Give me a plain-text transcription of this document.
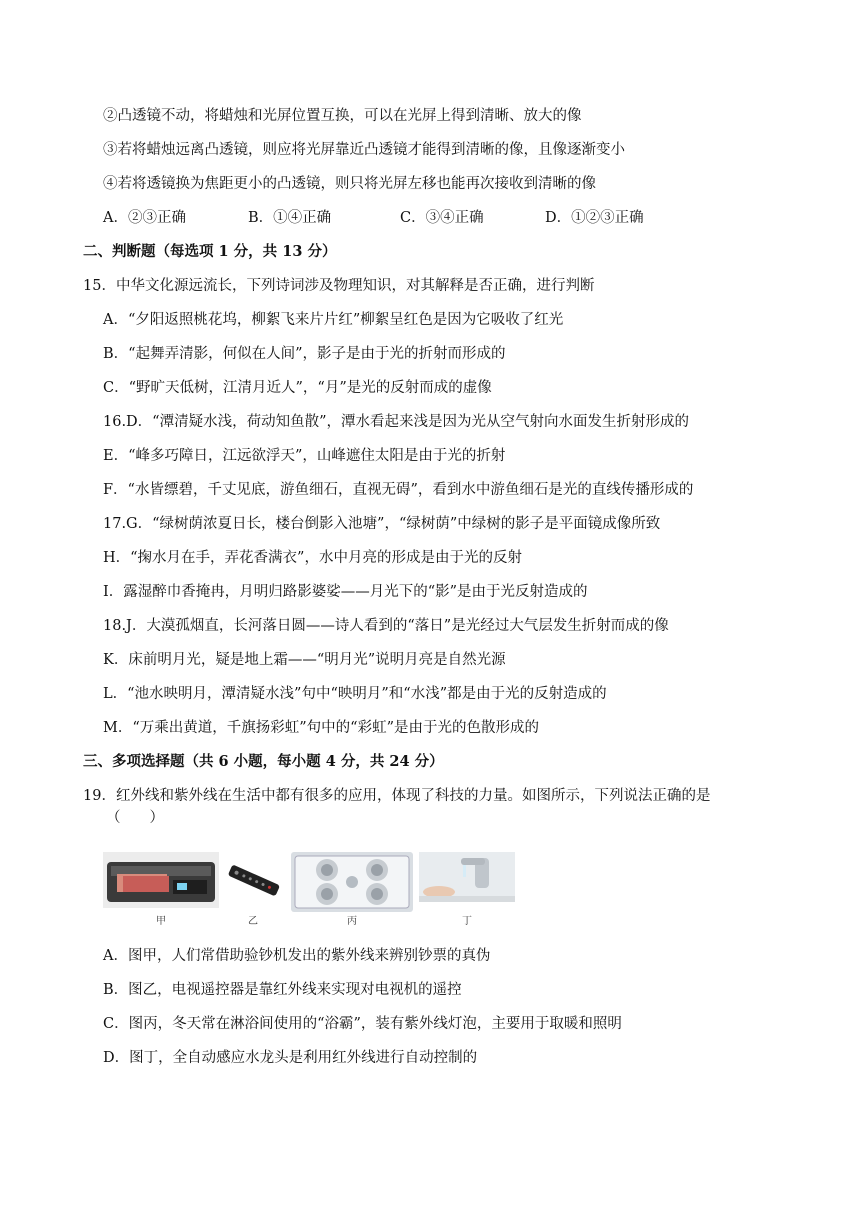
②凸透镜不动，将蜡烛和光屏位置互换，可以在光屏上得到清晰、放大的像
③若将蜡烛远离凸透镜，则应将光屏靠近凸透镜才能得到清晰的像，且像逐渐变小
④若将透镜换为焦距更小的凸透镜，则只将光屏左移也能再次接收到清晰的像
A．②③正确	B．①④正确	C．③④正确	D．①②③正确
二、判断题（每选项 1 分，共 13 分）
15．中华文化源远流长，下列诗词涉及物理知识，对其解释是否正确，进行判断
A．“夕阳返照桃花坞，柳絮飞来片片红”柳絮呈红色是因为它吸收了红光
B．“起舞弄清影，何似在人间”，影子是由于光的折射而形成的
C．“野旷天低树，江清月近人”，“月”是光的反射而成的虚像
16.D．“潭清疑水浅，荷动知鱼散”，潭水看起来浅是因为光从空气射向水面发生折射形成的
E．“峰多巧障日，江远欲浮天”，山峰遮住太阳是由于光的折射
F．“水皆缥碧，千丈见底，游鱼细石，直视无碍”，看到水中游鱼细石是光的直线传播形成的
17.G．“绿树荫浓夏日长，楼台倒影入池塘”，“绿树荫”中绿树的影子是平面镜成像所致
H．“掬水月在手，弄花香满衣”，水中月亮的形成是由于光的反射
I．露湿醉巾香掩冉，月明归路影婆娑——月光下的“影”是由于光反射造成的
18.J．大漠孤烟直，长河落日圆——诗人看到的“落日”是光经过大气层发生折射而成的像
K．床前明月光，疑是地上霜——“明月光”说明月亮是自然光源
L．“池水映明月，潭清疑水浅”句中“映明月”和“水浅”都是由于光的反射造成的
M．“万乘出黄道，千旗扬彩虹”句中的“彩虹”是由于光的色散形成的
三、多项选择题（共 6 小题，每小题 4 分，共 24 分）
19．红外线和紫外线在生活中都有很多的应用，体现了科技的力量。如图所示，下列说法正确的是
（　　）
甲	乙	丙	丁
A．图甲，人们常借助验钞机发出的紫外线来辨别钞票的真伪
B．图乙，电视遥控器是靠红外线来实现对电视机的遥控
C．图丙，冬天常在淋浴间使用的“浴霸”，装有紫外线灯泡，主要用于取暖和照明
D．图丁，全自动感应水龙头是利用红外线进行自动控制的
